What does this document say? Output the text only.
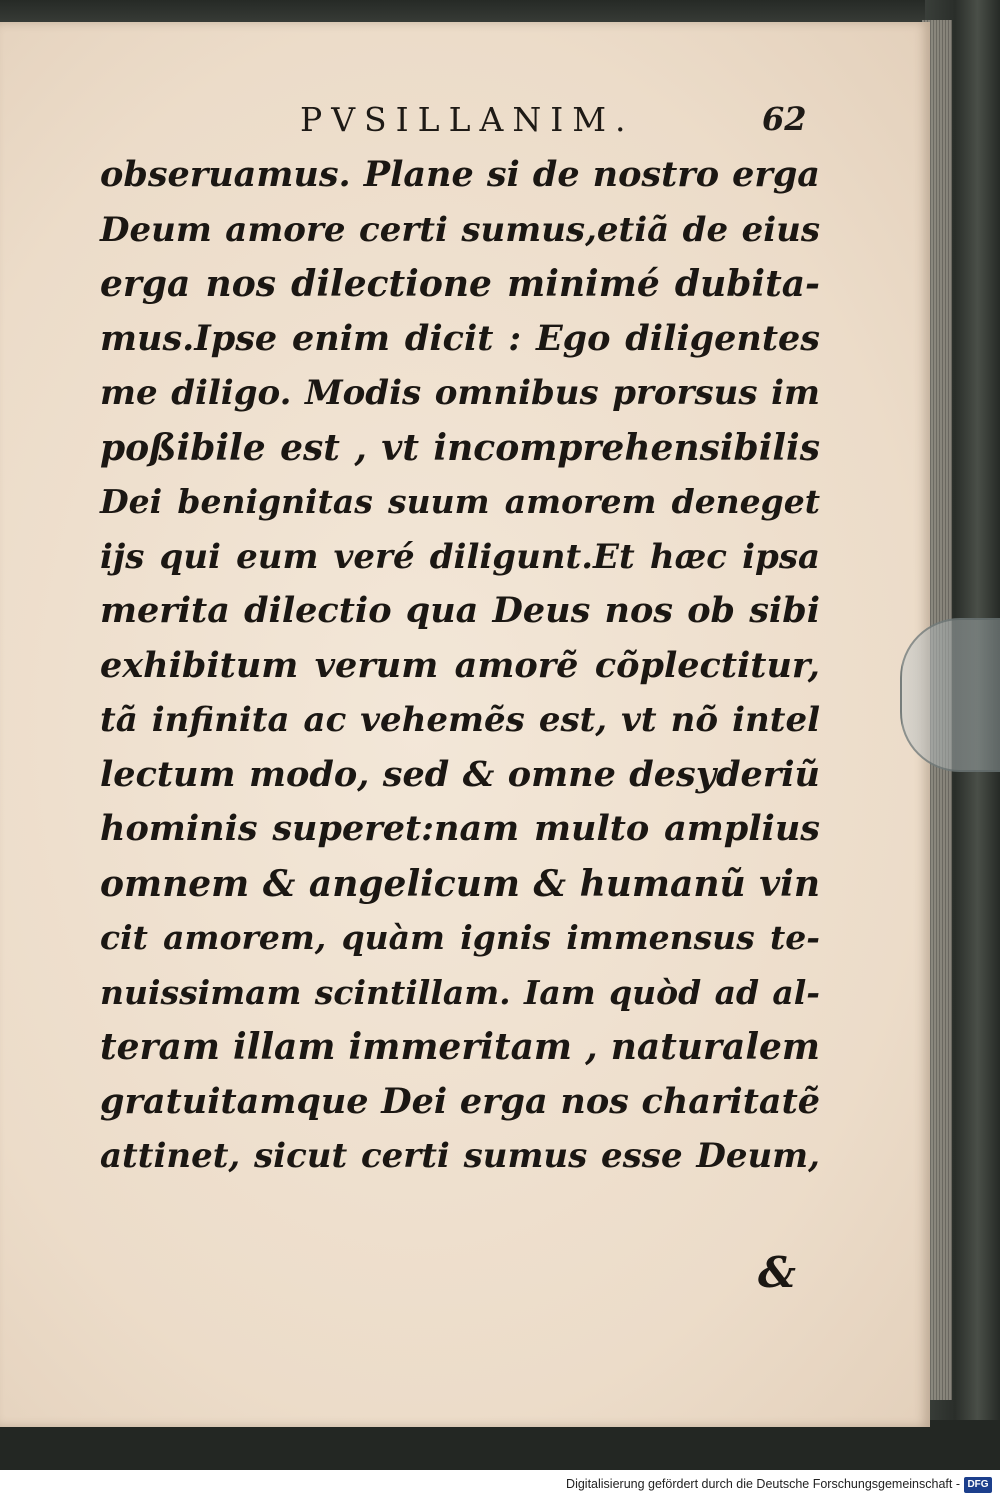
PVSILLANIM.	62
obseruamus. Plane si de nostro erga
Deum amore certi sumus,etiã de eius
erga nos dilectione minimé dubita-
mus.Ipse enim dicit : Ego diligentes
me diligo. Modis omnibus prorsus im
poßibile est , vt incomprehensibilis
Dei benignitas suum amorem deneget
ijs qui eum veré diligunt.Et hæc ipsa
merita dilectio qua Deus nos ob sibi
exhibitum verum amorẽ cõplectitur,
tã infinita ac vehemẽs est, vt nõ intel
lectum modo, sed & omne desyderiũ
hominis superet:nam multo amplius
omnem & angelicum & humanũ vin
cit amorem, quàm ignis immensus te-
nuissimam scintillam. Iam quòd ad al-
teram illam immeritam , naturalem
gratuitamque Dei erga nos charitatẽ
attinet, sicut certi sumus esse Deum,
&
Digitalisierung gefördert durch die Deutsche Forschungsgemeinschaft - DFG
